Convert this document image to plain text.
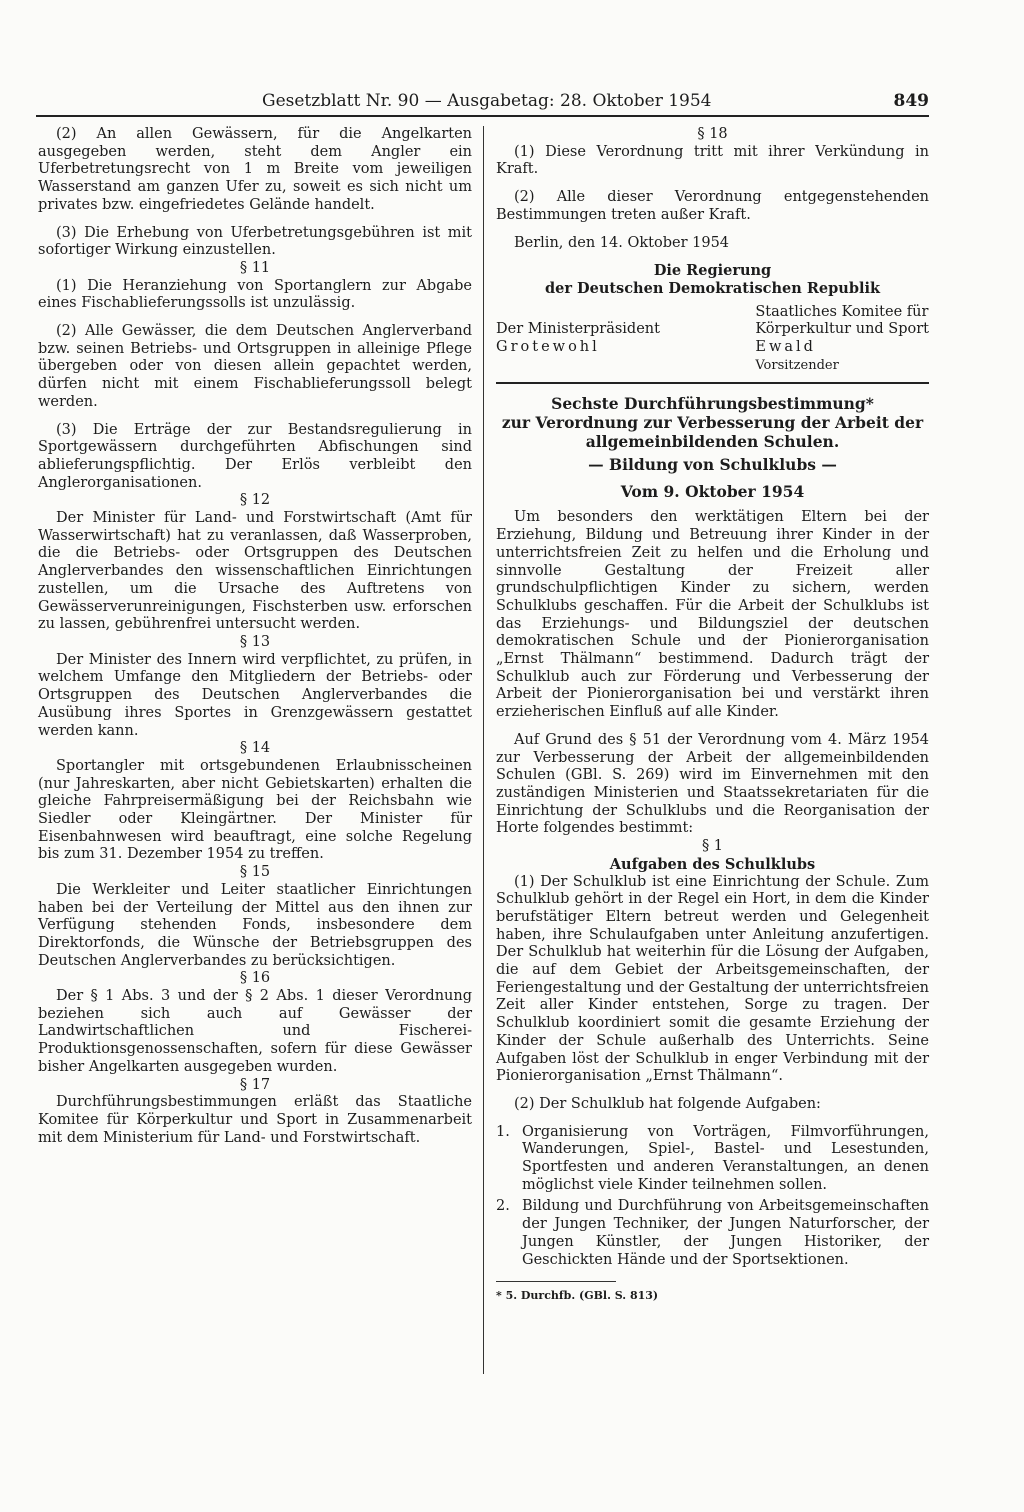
Gesetzblatt Nr. 90 — Ausgabetag: 28. Oktober 1954	849

(2) An allen Gewässern, für die Angelkarten ausgegeben werden, steht dem Angler ein Uferbetretungsrecht von 1 m Breite vom jeweiligen Wasserstand am ganzen Ufer zu, soweit es sich nicht um privates bzw. eingefriedetes Gelände handelt.

(3) Die Erhebung von Uferbetretungsgebühren ist mit sofortiger Wirkung einzustellen.

§ 11

(1) Die Heranziehung von Sportanglern zur Abgabe eines Fischablieferungssolls ist unzulässig.

(2) Alle Gewässer, die dem Deutschen Anglerverband bzw. seinen Betriebs- und Ortsgruppen in alleinige Pflege übergeben oder von diesen allein gepachtet werden, dürfen nicht mit einem Fischablieferungssoll belegt werden.

(3) Die Erträge der zur Bestandsregulierung in Sportgewässern durchgeführten Abfischungen sind ablieferungspflichtig. Der Erlös verbleibt den Anglerorganisationen.

§ 12

Der Minister für Land- und Forstwirtschaft (Amt für Wasserwirtschaft) hat zu veranlassen, daß Wasserproben, die die Betriebs- oder Ortsgruppen des Deutschen Anglerverbandes den wissenschaftlichen Einrichtungen zustellen, um die Ursache des Auftretens von Gewässerverunreinigungen, Fischsterben usw. erforschen zu lassen, gebührenfrei untersucht werden.

§ 13

Der Minister des Innern wird verpflichtet, zu prüfen, in welchem Umfange den Mitgliedern der Betriebs- oder Ortsgruppen des Deutschen Anglerverbandes die Ausübung ihres Sportes in Grenzgewässern gestattet werden kann.

§ 14

Sportangler mit ortsgebundenen Erlaubnisscheinen (nur Jahreskarten, aber nicht Gebietskarten) erhalten die gleiche Fahrpreisermäßigung bei der Reichsbahn wie Siedler oder Kleingärtner. Der Minister für Eisenbahnwesen wird beauftragt, eine solche Regelung bis zum 31. Dezember 1954 zu treffen.

§ 15

Die Werkleiter und Leiter staatlicher Einrichtungen haben bei der Verteilung der Mittel aus den ihnen zur Verfügung stehenden Fonds, insbesondere dem Direktorfonds, die Wünsche der Betriebsgruppen des Deutschen Anglerverbandes zu berücksichtigen.

§ 16

Der § 1 Abs. 3 und der § 2 Abs. 1 dieser Verordnung beziehen sich auch auf Gewässer der Landwirtschaftlichen und Fischerei-Produktionsgenossenschaften, sofern für diese Gewässer bisher Angelkarten ausgegeben wurden.

§ 17

Durchführungsbestimmungen erläßt das Staatliche Komitee für Körperkultur und Sport in Zusammenarbeit mit dem Ministerium für Land- und Forstwirtschaft.

§ 18

(1) Diese Verordnung tritt mit ihrer Verkündung in Kraft.

(2) Alle dieser Verordnung entgegenstehenden Bestimmungen treten außer Kraft.

Berlin, den 14. Oktober 1954

Die Regierung

der Deutschen Demokratischen Republik

Der Ministerpräsident

Grotewohl

Staatliches Komitee für

Körperkultur und Sport

Ewald

Vorsitzender

Sechste Durchführungsbestimmung*

zur Verordnung zur Verbesserung der Arbeit der allgemeinbildenden Schulen.

— Bildung von Schulklubs —

Vom 9. Oktober 1954

Um besonders den werktätigen Eltern bei der Erziehung, Bildung und Betreuung ihrer Kinder in der unterrichtsfreien Zeit zu helfen und die Erholung und sinnvolle Gestaltung der Freizeit aller grundschulpflichtigen Kinder zu sichern, werden Schulklubs geschaffen. Für die Arbeit der Schulklubs ist das Erziehungs- und Bildungsziel der deutschen demokratischen Schule und der Pionierorganisation „Ernst Thälmann“ bestimmend. Dadurch trägt der Schulklub auch zur Förderung und Verbesserung der Arbeit der Pionierorganisation bei und verstärkt ihren erzieherischen Einfluß auf alle Kinder.

Auf Grund des § 51 der Verordnung vom 4. März 1954 zur Verbesserung der Arbeit der allgemeinbildenden Schulen (GBl. S. 269) wird im Einvernehmen mit den zuständigen Ministerien und Staatssekretariaten für die Einrichtung der Schulklubs und die Reorganisation der Horte folgendes bestimmt:

§ 1

Aufgaben des Schulklubs

(1) Der Schulklub ist eine Einrichtung der Schule. Zum Schulklub gehört in der Regel ein Hort, in dem die Kinder berufstätiger Eltern betreut werden und Gelegenheit haben, ihre Schulaufgaben unter Anleitung anzufertigen. Der Schulklub hat weiterhin für die Lösung der Aufgaben, die auf dem Gebiet der Arbeitsgemeinschaften, der Feriengestaltung und der Gestaltung der unterrichtsfreien Zeit aller Kinder entstehen, Sorge zu tragen. Der Schulklub koordiniert somit die gesamte Erziehung der Kinder der Schule außerhalb des Unterrichts. Seine Aufgaben löst der Schulklub in enger Verbindung mit der Pionierorganisation „Ernst Thälmann“.

(2) Der Schulklub hat folgende Aufgaben:

1. Organisierung von Vorträgen, Filmvorführungen, Wanderungen, Spiel-, Bastel- und Lesestunden, Sportfesten und anderen Veranstaltungen, an denen möglichst viele Kinder teilnehmen sollen.
2. Bildung und Durchführung von Arbeitsgemeinschaften der Jungen Techniker, der Jungen Naturforscher, der Jungen Künstler, der Jungen Historiker, der Geschickten Hände und der Sportsektionen.

* 5. Durchfb. (GBl. S. 813)
